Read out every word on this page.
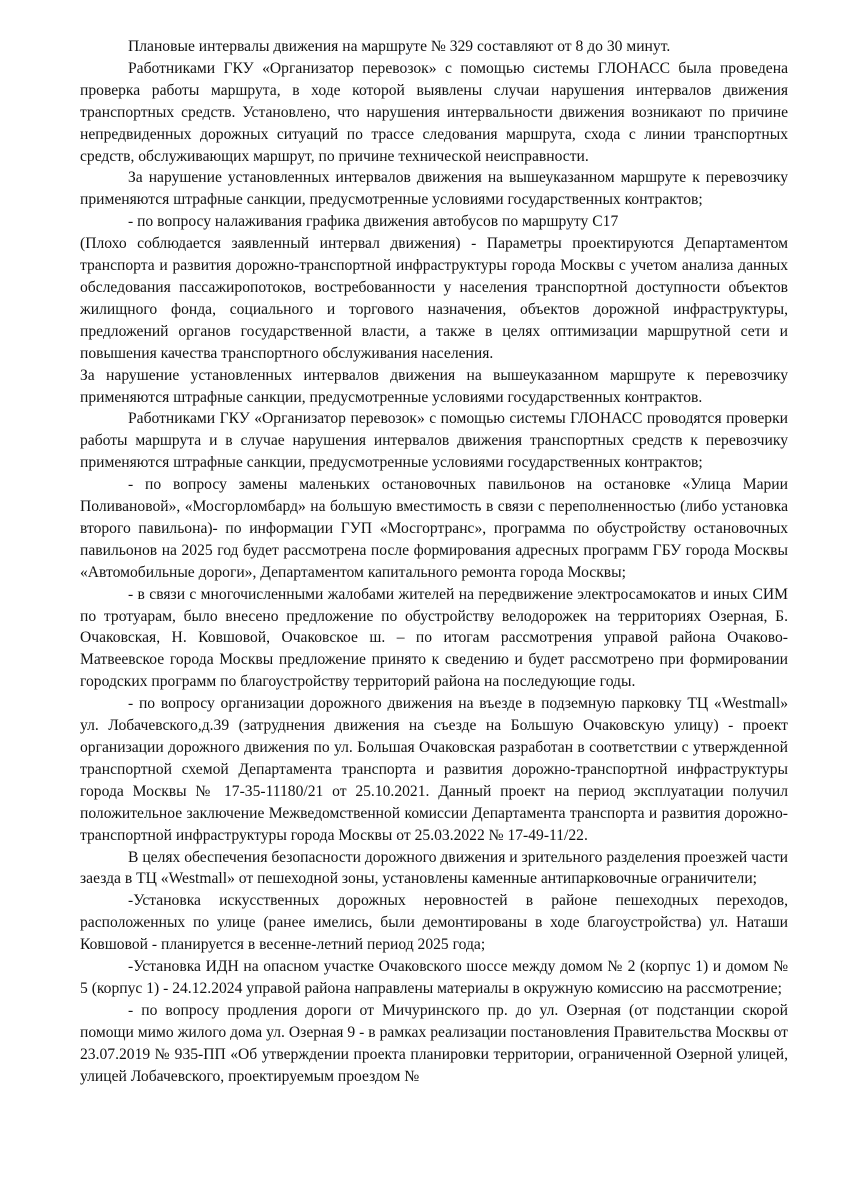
Плановые интервалы движения на маршруте № 329 составляют от 8 до 30 минут.

Работниками ГКУ «Организатор перевозок» с помощью системы ГЛОНАСС была проведена проверка работы маршрута, в ходе которой выявлены случаи нарушения интервалов движения транспортных средств. Установлено, что нарушения интервальности движения возникают по причине непредвиденных дорожных ситуаций по трассе следования маршрута, схода с линии транспортных средств, обслуживающих маршрут, по причине технической неисправности.

За нарушение установленных интервалов движения на вышеуказанном маршруте к перевозчику применяются штрафные санкции, предусмотренные условиями государственных контрактов;

- по вопросу налаживания графика движения автобусов по маршруту С17

(Плохо соблюдается заявленный интервал движения) - Параметры проектируются Департаментом транспорта и развития дорожно-транспортной инфраструктуры города Москвы с учетом анализа данных обследования пассажиропотоков, востребованности у населения транспортной доступности объектов жилищного фонда, социального и торгового назначения, объектов дорожной инфраструктуры, предложений органов государственной власти, а также в целях оптимизации маршрутной сети и повышения качества транспортного обслуживания населения.

За нарушение установленных интервалов движения на вышеуказанном маршруте к перевозчику применяются штрафные санкции, предусмотренные условиями государственных контрактов.

Работниками ГКУ «Организатор перевозок» с помощью системы ГЛОНАСС проводятся проверки работы маршрута и в случае нарушения интервалов движения транспортных средств к перевозчику применяются штрафные санкции, предусмотренные условиями государственных контрактов;

- по вопросу замены маленьких остановочных павильонов на остановке «Улица Марии Поливановой», «Мосгорломбард» на большую вместимость в связи с переполненностью (либо установка второго павильона)- по информации ГУП «Мосгортранс», программа по обустройству остановочных павильонов на 2025 год будет рассмотрена после формирования адресных программ ГБУ города Москвы «Автомобильные дороги», Департаментом капитального ремонта города Москвы;

- в связи с многочисленными жалобами жителей на передвижение электросамокатов и иных СИМ по тротуарам, было внесено предложение по обустройству велодорожек на территориях Озерная, Б. Очаковская, Н. Ковшовой, Очаковское ш. – по итогам рассмотрения управой района Очаково-Матвеевское города Москвы предложение принято к сведению и будет рассмотрено при формировании городских программ по благоустройству территорий района на последующие годы.

- по вопросу организации дорожного движения на въезде в подземную парковку ТЦ «Westmall» ул. Лобачевского,д.39 (затруднения движения на съезде на Большую Очаковскую улицу) - проект организации дорожного движения по ул. Большая Очаковская разработан в соответствии с утвержденной транспортной схемой Департамента транспорта и развития дорожно-транспортной инфраструктуры города Москвы № 17-35-11180/21 от 25.10.2021. Данный проект на период эксплуатации получил положительное заключение Межведомственной комиссии Департамента транспорта и развития дорожно-транспортной инфраструктуры города Москвы от 25.03.2022 № 17-49-11/22.

В целях обеспечения безопасности дорожного движения и зрительного разделения проезжей части заезда в ТЦ «Westmall» от пешеходной зоны, установлены каменные антипарковочные ограничители;

-Установка искусственных дорожных неровностей в районе пешеходных переходов, расположенных по улице (ранее имелись, были демонтированы в ходе благоустройства) ул. Наташи Ковшовой - планируется в весенне-летний период 2025 года;

-Установка ИДН на опасном участке Очаковского шоссе между домом № 2 (корпус 1) и домом № 5 (корпус 1) - 24.12.2024 управой района направлены материалы в окружную комиссию на рассмотрение;

- по вопросу продления дороги от Мичуринского пр. до ул. Озерная (от подстанции скорой помощи мимо жилого дома ул. Озерная 9 - в рамках реализации постановления Правительства Москвы от 23.07.2019 № 935-ПП «Об утверждении проекта планировки территории, ограниченной Озерной улицей, улицей Лобачевского, проектируемым проездом №
